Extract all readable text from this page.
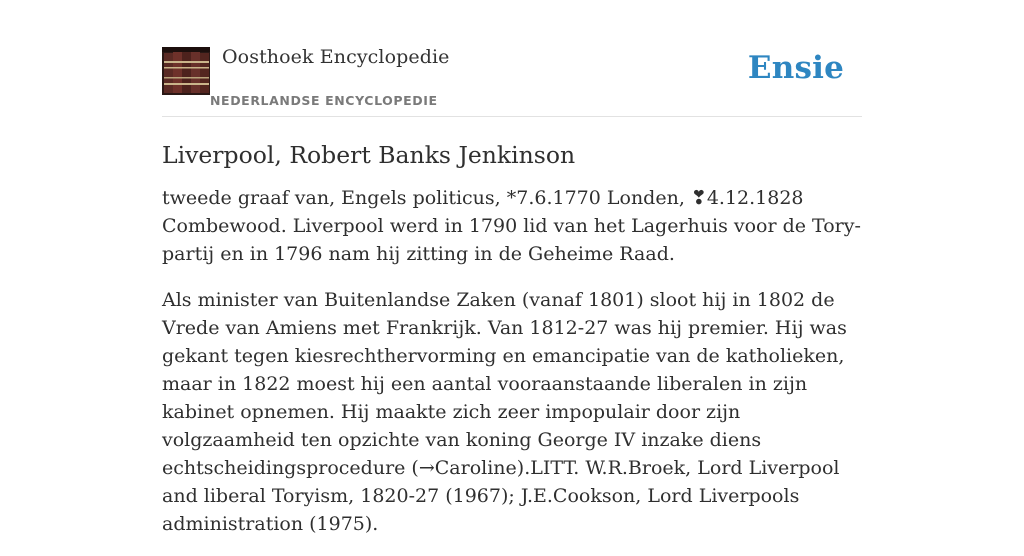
Oosthoek Encyclopedie
NEDERLANDSE ENCYCLOPEDIE
Ensie
Liverpool, Robert Banks Jenkinson

tweede graaf van, Engels politicus, *7.6.1770 Londen, ❣4.12.1828 Combewood. Liverpool werd in 1790 lid van het Lagerhuis voor de Tory-partij en in 1796 nam hij zitting in de Geheime Raad.

Als minister van Buitenlandse Zaken (vanaf 1801) sloot hij in 1802 de Vrede van Amiens met Frankrijk. Van 1812-27 was hij premier. Hij was gekant tegen kiesrechthervorming en emancipatie van de katholieken, maar in 1822 moest hij een aantal vooraanstaande liberalen in zijn kabinet opnemen. Hij maakte zich zeer impopulair door zijn volgzaamheid ten opzichte van koning George IV inzake diens echtscheidingsprocedure (→Caroline).LITT. W.R.Broek, Lord Liverpool and liberal Toryism, 1820-27 (1967); J.E.Cookson, Lord Liverpools administration (1975).
